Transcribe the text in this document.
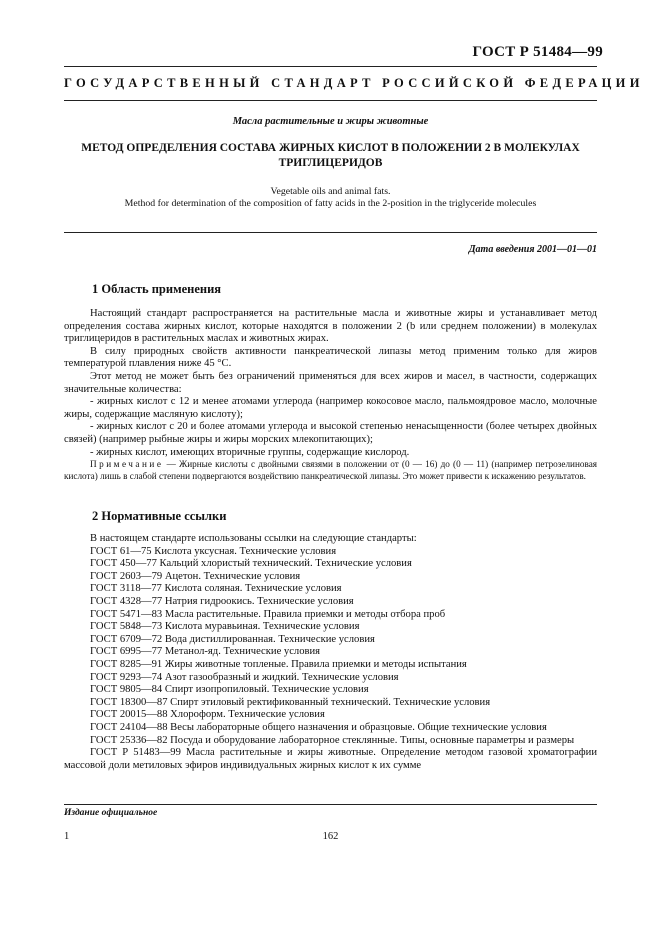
ГОСТ Р 51484—99
ГОСУДАРСТВЕННЫЙ СТАНДАРТ РОССИЙСКОЙ ФЕДЕРАЦИИ
Масла растительные и жиры животные
МЕТОД ОПРЕДЕЛЕНИЯ СОСТАВА ЖИРНЫХ КИСЛОТ В ПОЛОЖЕНИИ 2 В МОЛЕКУЛАХ
ТРИГЛИЦЕРИДОВ
Vegetable oils and animal fats.
Method for determination of the composition of fatty acids in the 2-position in the triglyceride molecules
Дата введения 2001—01—01
1 Область применения

Настоящий стандарт распространяется на растительные масла и животные жиры и устанавливает метод определения состава жирных кислот, которые находятся в положении 2 (b или среднем положении) в молекулах триглицеридов в растительных маслах и животных жирах.

В силу природных свойств активности панкреатической липазы метод применим только для жиров температурой плавления ниже 45 °С.

Этот метод не может быть без ограничений применяться для всех жиров и масел, в частности, содержащих значительные количества:

- жирных кислот с 12 и менее атомами углерода (например кокосовое масло, пальмоядровое масло, молочные жиры, содержащие масляную кислоту);

- жирных кислот с 20 и более атомами углерода и высокой степенью ненасыщенности (более четырех двойных связей) (например рыбные жиры и жиры морских млекопитающих);

- жирных кислот, имеющих вторичные группы, содержащие кислород.

Примечание — Жирные кислоты с двойными связями в положении от (0 — 16) до (0 — 11) (например петрозелиновая кислота) лишь в слабой степени подвергаются воздействию панкреатической липазы. Это может привести к искажению результатов.

2 Нормативные ссылки
В настоящем стандарте использованы ссылки на следующие стандарты:
ГОСТ 61—75 Кислота уксусная. Технические условия
ГОСТ 450—77 Кальций хлористый технический. Технические условия
ГОСТ 2603—79 Ацетон. Технические условия
ГОСТ 3118—77 Кислота соляная. Технические условия
ГОСТ 4328—77 Натрия гидроокись. Технические условия
ГОСТ 5471—83 Масла растительные. Правила приемки и методы отбора проб
ГОСТ 5848—73 Кислота муравьиная. Технические условия
ГОСТ 6709—72 Вода дистиллированная. Технические условия
ГОСТ 6995—77 Метанол-яд. Технические условия
ГОСТ 8285—91 Жиры животные топленые. Правила приемки и методы испытания
ГОСТ 9293—74 Азот газообразный и жидкий. Технические условия
ГОСТ 9805—84 Спирт изопропиловый. Технические условия
ГОСТ 18300—87 Спирт этиловый ректификованный технический. Технические условия
ГОСТ 20015—88 Хлороформ. Технические условия
ГОСТ 24104—88 Весы лабораторные общего назначения и образцовые. Общие технические условия
ГОСТ 25336—82 Посуда и оборудование лабораторное стеклянные. Типы, основные параметры и размеры
ГОСТ Р 51483—99 Масла растительные и жиры животные. Определение методом газовой хроматографии массовой доли метиловых эфиров индивидуальных жирных кислот к их сумме
Издание официальное
1	162
